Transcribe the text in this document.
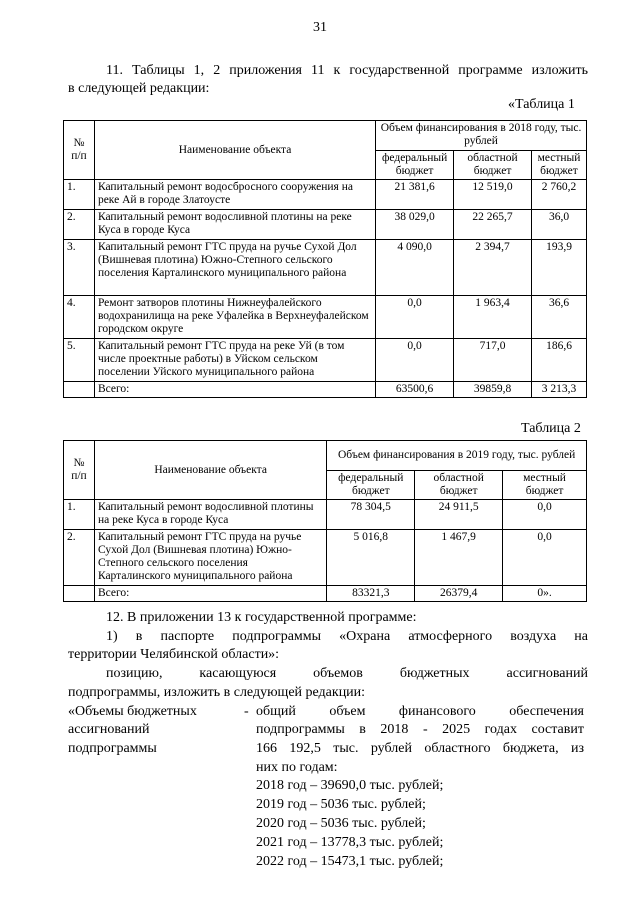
31
11. Таблицы 1, 2 приложения 11 к государственной программе изложить
в следующей редакции:
«Таблица 1
№
п/п	Наименование объекта	Объем финансирования в 2018 году, тыс. рублей		
		федеральный бюджет	областной бюджет	местный бюджет
1.	Капитальный ремонт водосбросного сооружения на реке Ай в городе Златоусте	21 381,6	12 519,0	2 760,2
2.	Капитальный ремонт водосливной плотины на реке Куса в городе Куса	38 029,0	22 265,7	36,0
3.	Капитальный ремонт ГТС пруда на ручье Сухой Дол (Вишневая плотина) Южно-Степного сельского поселения Карталинского муниципального района	4 090,0	2 394,7	193,9
4.	Ремонт затворов плотины Нижнеуфалейского водохранилища на реке Уфалейка в Верхнеуфалейском городском округе	0,0	1 963,4	36,6
5.	Капитальный ремонт ГТС пруда на реке Уй (в том числе проектные работы) в Уйском сельском поселении Уйского муниципального района	0,0	717,0	186,6
	Всего:	63500,6	39859,8	3 213,3
Таблица 2
№
п/п	Наименование объекта	Объем финансирования в 2019 году, тыс. рублей		
		федеральный бюджет	областной бюджет	местный бюджет
1.	Капитальный ремонт водосливной плотины на реке Куса в городе Куса	78 304,5	24 911,5	0,0
2.	Капитальный ремонт ГТС пруда на ручье Сухой Дол (Вишневая плотина) Южно-Степного сельского поселения Карталинского муниципального района	5 016,8	1 467,9	0,0
	Всего:	83321,3	26379,4	0».
12. В приложении 13 к государственной программе:
1) в паспорте подпрограммы «Охрана атмосферного воздуха на
территории Челябинской области»:
позицию, касающуюся объемов бюджетных ассигнований
подпрограммы, изложить в следующей редакции:
«Объемы бюджетных
ассигнований
подпрограммы
- общий объем финансового обеспечения
подпрограммы в 2018 - 2025 годах составит
166 192,5 тыс. рублей областного бюджета, из
них по годам:
2018 год – 39690,0 тыс. рублей;
2019 год – 5036 тыс. рублей;
2020 год – 5036 тыс. рублей;
2021 год – 13778,3 тыс. рублей;
2022 год – 15473,1 тыс. рублей;
